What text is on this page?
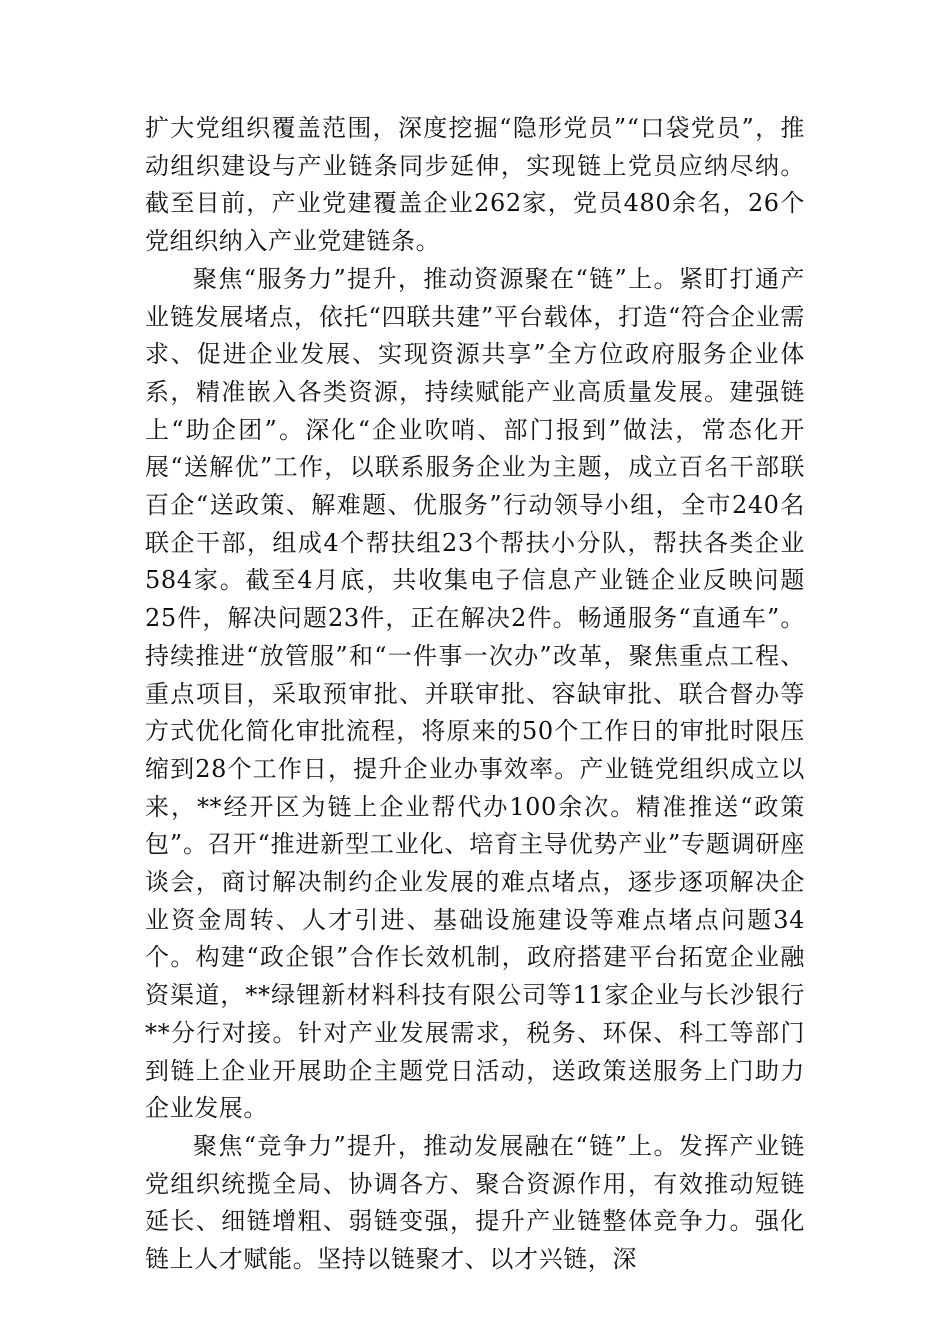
扩大党组织覆盖范围，深度挖掘“隐形党员”“口袋党员”，推动组织建设与产业链条同步延伸，实现链上党员应纳尽纳。截至目前，产业党建覆盖企业262家，党员480余名，26个党组织纳入产业党建链条。

聚焦“服务力”提升，推动资源聚在“链”上。紧盯打通产业链发展堵点，依托“四联共建”平台载体，打造“符合企业需求、促进企业发展、实现资源共享”全方位政府服务企业体系，精准嵌入各类资源，持续赋能产业高质量发展。建强链上“助企团”。深化“企业吹哨、部门报到”做法，常态化开展“送解优”工作，以联系服务企业为主题，成立百名干部联百企“送政策、解难题、优服务”行动领导小组，全市240名联企干部，组成4个帮扶组23个帮扶小分队，帮扶各类企业584家。截至4月底，共收集电子信息产业链企业反映问题25件，解决问题23件，正在解决2件。畅通服务“直通车”。持续推进“放管服”和“一件事一次办”改革，聚焦重点工程、重点项目，采取预审批、并联审批、容缺审批、联合督办等方式优化简化审批流程，将原来的50个工作日的审批时限压缩到28个工作日，提升企业办事效率。产业链党组织成立以来，**经开区为链上企业帮代办100余次。精准推送“政策包”。召开“推进新型工业化、培育主导优势产业”专题调研座谈会，商讨解决制约企业发展的难点堵点，逐步逐项解决企业资金周转、人才引进、基础设施建设等难点堵点问题34个。构建“政企银”合作长效机制，政府搭建平台拓宽企业融资渠道，**绿锂新材料科技有限公司等11家企业与长沙银行**分行对接。针对产业发展需求，税务、环保、科工等部门到链上企业开展助企主题党日活动，送政策送服务上门助力企业发展。

聚焦“竞争力”提升，推动发展融在“链”上。发挥产业链党组织统揽全局、协调各方、聚合资源作用，有效推动短链延长、细链增粗、弱链变强，提升产业链整体竞争力。强化链上人才赋能。坚持以链聚才、以才兴链，深
